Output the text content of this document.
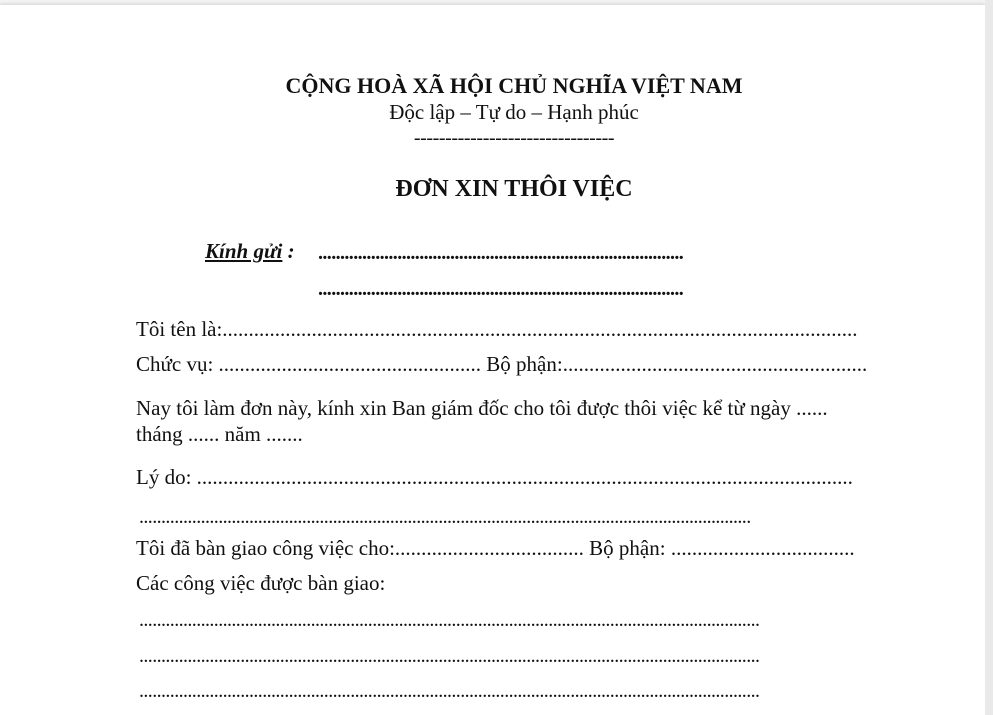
CỘNG HOÀ XÃ HỘI CHỦ NGHĨA VIỆT NAM

Độc lập – Tự do – Hạnh phúc

--------------------------------

ĐƠN XIN THÔI VIỆC

Kính gửi : ...................................................................................

...................................................................................

Tôi tên là:.........................................................................................................................

Chức vụ: .................................................. Bộ phận:..........................................................

Nay tôi làm đơn này, kính xin Ban giám đốc cho tôi được thôi việc kể từ ngày ......

tháng ...... năm .......

Lý do: .............................................................................................................................

...........................................................................................................................................

Tôi đã bàn giao công việc cho:.................................... Bộ phận: ...................................

Các công việc được bàn giao:

.............................................................................................................................................

.............................................................................................................................................

.............................................................................................................................................
